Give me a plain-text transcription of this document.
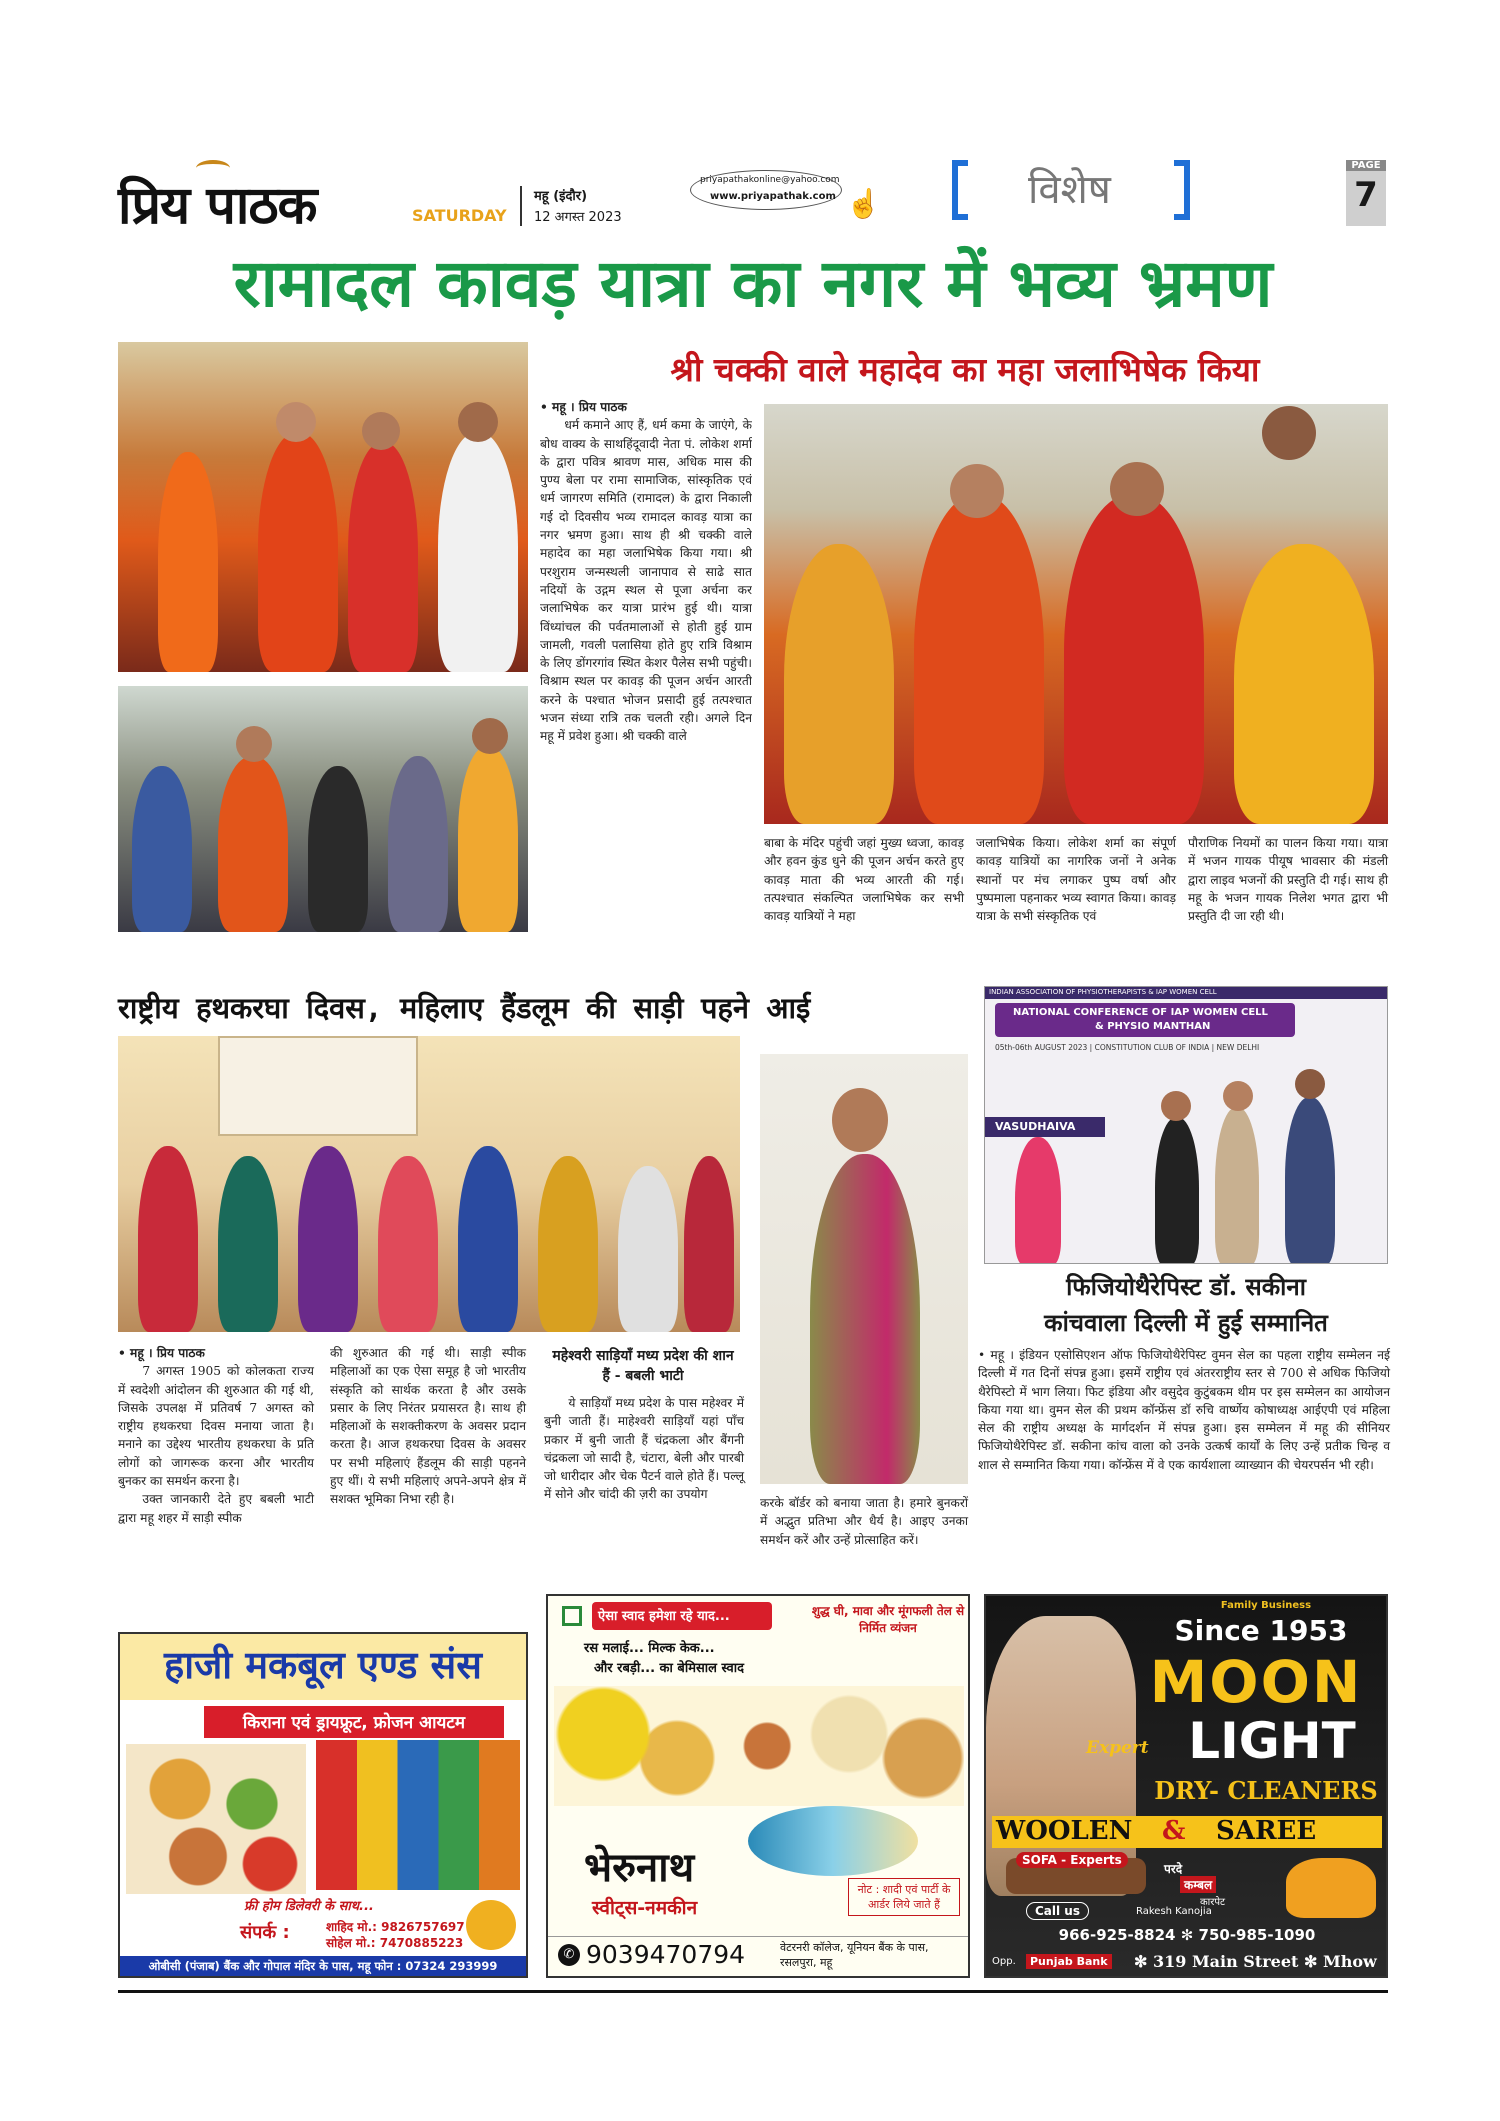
प्रिय पाठक	SATURDAY
महू (इंदौर)
12 अगस्त 2023
priyapathakonline@yahoo.com
www.priyapathak.com ☝	विशेष
PAGE
7
रामादल कावड़ यात्रा का नगर में भव्य भ्रमण
श्री चक्की वाले महादेव का महा जलाभिषेक किया

• महू । प्रिय पाठक

धर्म कमाने आए हैं, धर्म कमा के जाएंगे, के बोध वाक्य के साथहिंदूवादी नेता पं. लोकेश शर्मा के द्वारा पवित्र श्रावण मास, अधिक मास की पुण्य बेला पर रामा सामाजिक, सांस्कृतिक एवं धर्म जागरण समिति (रामादल) के द्वारा निकाली गई दो दिवसीय भव्य रामादल कावड़ यात्रा का नगर भ्रमण हुआ। साथ ही श्री चक्की वाले महादेव का महा जलाभिषेक किया गया। श्री परशुराम जन्मस्थली जानापाव से साढे सात नदियों के उद्गम स्थल से पूजा अर्चना कर जलाभिषेक कर यात्रा प्रारंभ हुई थी। यात्रा विंध्यांचल की पर्वतमालाओं से होती हुई ग्राम जामली, गवली पलासिया होते हुए रात्रि विश्राम के लिए डोंगरगांव स्थित केशर पैलेस सभी पहुंची। विश्राम स्थल पर कावड़ की पूजन अर्चन आरती करने के पश्चात भोजन प्रसादी हुई तत्पश्चात भजन संध्या रात्रि तक चलती रही। अगले दिन महू में प्रवेश हुआ। श्री चक्की वाले

बाबा के मंदिर पहुंची जहां मुख्य ध्वजा, कावड़ और हवन कुंड धुने की पूजन अर्चन करते हुए कावड़ माता की भव्य आरती की गई। तत्पश्चात संकल्पित जलाभिषेक कर सभी कावड़ यात्रियों ने महा
जलाभिषेक किया। लोकेश शर्मा का संपूर्ण कावड़ यात्रियों का नागरिक जनों ने अनेक स्थानों पर मंच लगाकर पुष्प वर्षा और पुष्पमाला पहनाकर भव्य स्वागत किया। कावड़ यात्रा के सभी संस्कृतिक एवं
पौराणिक नियमों का पालन किया गया। यात्रा में भजन गायक पीयूष भावसार की मंडली द्वारा लाइव भजनों की प्रस्तुति दी गई। साथ ही महू के भजन गायक निलेश भगत द्वारा भी प्रस्तुति दी जा रही थी।
राष्ट्रीय हथकरघा दिवस, महिलाए हैंडलूम की साड़ी पहने आई	INDIAN ASSOCIATION OF PHYSIOTHERAPISTS & IAP WOMEN CELL
NATIONAL CONFERENCE OF IAP WOMEN CELL
& PHYSIO MANTHAN
05th-06th AUGUST 2023 | CONSTITUTION CLUB OF INDIA | NEW DELHI
VASUDHAIVA

• महू । प्रिय पाठक

7 अगस्त 1905 को कोलकता राज्य में स्वदेशी आंदोलन की शुरुआत की गई थी, जिसके उपलक्ष में प्रतिवर्ष 7 अगस्त को राष्ट्रीय हथकरघा दिवस मनाया जाता है। मनाने का उद्देश्य भारतीय हथकरघा के प्रति लोगों को जागरूक करना और भारतीय बुनकर का समर्थन करना है।

उक्त जानकारी देते हुए बबली भाटी द्वारा महू शहर में साड़ी स्पीक

की शुरुआत की गई थी। साड़ी स्पीक महिलाओं का एक ऐसा समूह है जो भारतीय संस्कृति को सार्थक करता है और उसके प्रसार के लिए निरंतर प्रयासरत है। साथ ही महिलाओं के सशक्तीकरण के अवसर प्रदान करता है। आज हथकरघा दिवस के अवसर पर सभी महिलाएं हैंडलूम की साड़ी पहनने हुए थीं। ये सभी महिलाएं अपने-अपने क्षेत्र में सशक्त भूमिका निभा रही है।
महेश्वरी साड़ियाँ मध्य प्रदेश की शान हैं - बबली भाटी
ये साड़ियाँ मध्य प्रदेश के पास महेश्वर में बुनी जाती हैं। माहेश्वरी साड़ियाँ यहां पाँच प्रकार में बुनी जाती हैं चंद्रकला और बैंगनी चंद्रकला जो सादी है, चंटारा, बेली और पारबी जो धारीदार और चेक पैटर्न वाले होते हैं। पल्लू में सोने और चांदी की ज़री का उपयोग
करके बॉर्डर को बनाया जाता है। हमारे बुनकरों में अद्भुत प्रतिभा और धैर्य है। आइए उनका समर्थन करें और उन्हें प्रोत्साहित करें।
फिजियोथैरेपिस्ट डॉ. सकीना
कांचवाला दिल्ली में हुई सम्मानित
• महू । इंडियन एसोसिएशन ऑफ फिजियोथैरेपिस्ट वुमन सेल का पहला राष्ट्रीय सम्मेलन नई दिल्ली में गत दिनों संपन्न हुआ। इसमें राष्ट्रीय एवं अंतरराष्ट्रीय स्तर से 700 से अधिक फिजियो थैरेपिस्टो में भाग लिया। फिट इंडिया और वसुदेव कुटुंबकम थीम पर इस सम्मेलन का आयोजन किया गया था। वुमन सेल की प्रथम कॉन्फ्रेंस डॉ रुचि वार्ष्णेय कोषाध्यक्ष आईएपी एवं महिला सेल की राष्ट्रीय अध्यक्ष के मार्गदर्शन में संपन्न हुआ। इस सम्मेलन में महू की सीनियर फिजियोथैरेपिस्ट डॉ. सकीना कांच वाला को उनके उत्कर्ष कार्यों के लिए उन्हें प्रतीक चिन्ह व शाल से सम्मानित किया गया। कॉन्फ्रेंस में वे एक कार्यशाला व्याख्यान की चेयरपर्सन भी रही।
हाजी मकबूल एण्ड संस
किराना एवं ड्रायफ्रूट, फ्रोजन आयटम
फ्री होम डिलेवरी के साथ...
संपर्क :	शाहिद मो.: 9826757697
सोहेल मो.: 7470885223
ओबीसी (पंजाब) बैंक और गोपाल मंदिर के पास, महू फोन : 07324 293999
ऐसा स्वाद हमेशा रहे याद...	शुद्ध घी, मावा और मूंगफली तेल से निर्मित व्यंजन
रस मलाई... मिल्क केक...
और रबड़ी... का बेमिसाल स्वाद
भेरुनाथ
स्वीट्स-नमकीन
नोट : शादी एवं पार्टी के आर्डर लिये जाते हैं
✆ 9039470794	वेटरनरी कॉलेज, यूनियन बैंक के पास, रसलपुरा, महू
Family Business
Since 1953
MOON
Expert LIGHT
DRY- CLEANERS
WOOLEN & SAREE
SOFA - Experts
परदे
कम्बल
कारपेट
Call us	Rakesh Kanojia
966-925-8824 ✻ 750-985-1090
Opp.	Punjab Bank ✻ 319 Main Street ✻ Mhow
